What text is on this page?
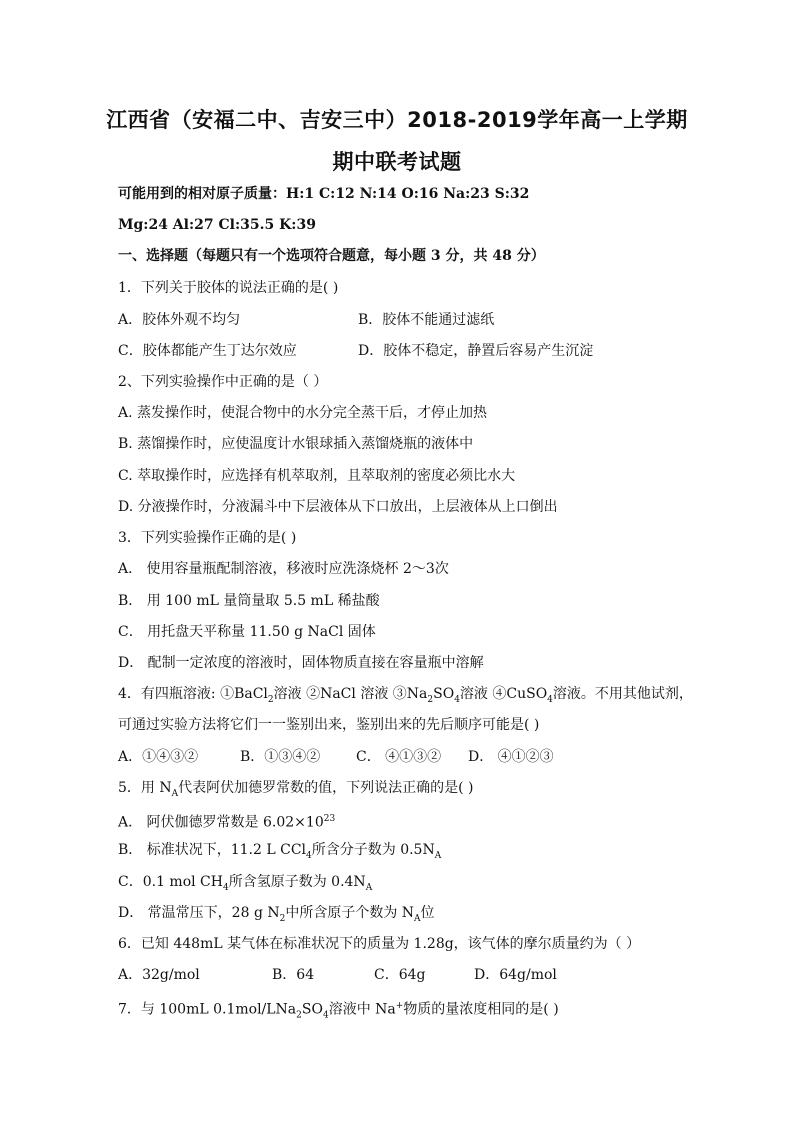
江西省（安福二中、吉安三中）2018-2019学年高一上学期
期中联考试题
可能用到的相对原子质量：H:1 C:12 N:14 O:16 Na:23 S:32
Mg:24 Al:27 Cl:35.5 K:39
一、选择题（每题只有一个选项符合题意，每小题 3 分，共 48 分）
1．下列关于胶体的说法正确的是( )
A．胶体外观不均匀	B．胶体不能通过滤纸
C．胶体都能产生丁达尔效应	D．胶体不稳定，静置后容易产生沉淀
2、下列实验操作中正确的是（ ）
A. 蒸发操作时，使混合物中的水分完全蒸干后，才停止加热
B. 蒸馏操作时，应使温度计水银球插入蒸馏烧瓶的液体中
C. 萃取操作时，应选择有机萃取剂，且萃取剂的密度必须比水大
D. 分液操作时，分液漏斗中下层液体从下口放出，上层液体从上口倒出
3．下列实验操作正确的是( )
A． 使用容量瓶配制溶液，移液时应洗涤烧杯 2～3次
B． 用 100 mL 量筒量取 5.5 mL 稀盐酸
C． 用托盘天平称量 11.50 g NaCl 固体
D． 配制一定浓度的溶液时，固体物质直接在容量瓶中溶解
4．有四瓶溶液: ①BaCl$_2$溶液 ②NaCl 溶液 $③Na_2SO_4$溶液 ④CuSO$_4$溶液。不用其他试剂，
可通过实验方法将它们一一鉴别出来，鉴别出来的先后顺序可能是( )
A．①④③②	B．①③④②	C． ④①③② D． ④①②③
5．用 $N_A$代表阿伏加德罗常数的值，下列说法正确的是( )
A． 阿伏伽德罗常数是 $6.02\times 10^{23}$
B． 标准状况下，11.2 L CCl$_4$所含分子数为 $0.5N_A$
C．0.1 mol $CH_4$所含氢原子数为 $0.4N_A$
D． 常温常压下，28 g $N_2$中所含原子个数为 $N_A$位
6．已知 448mL 某气体在标准状况下的质量为 1.28g，该气体的摩尔质量约为（ ）
A．32g/mol	B．64	C．64g	D．64g/mol
7．与 100mL $0.1mol/LNa_2SO_4$溶液中 Na+物质的量浓度相同的是( )
